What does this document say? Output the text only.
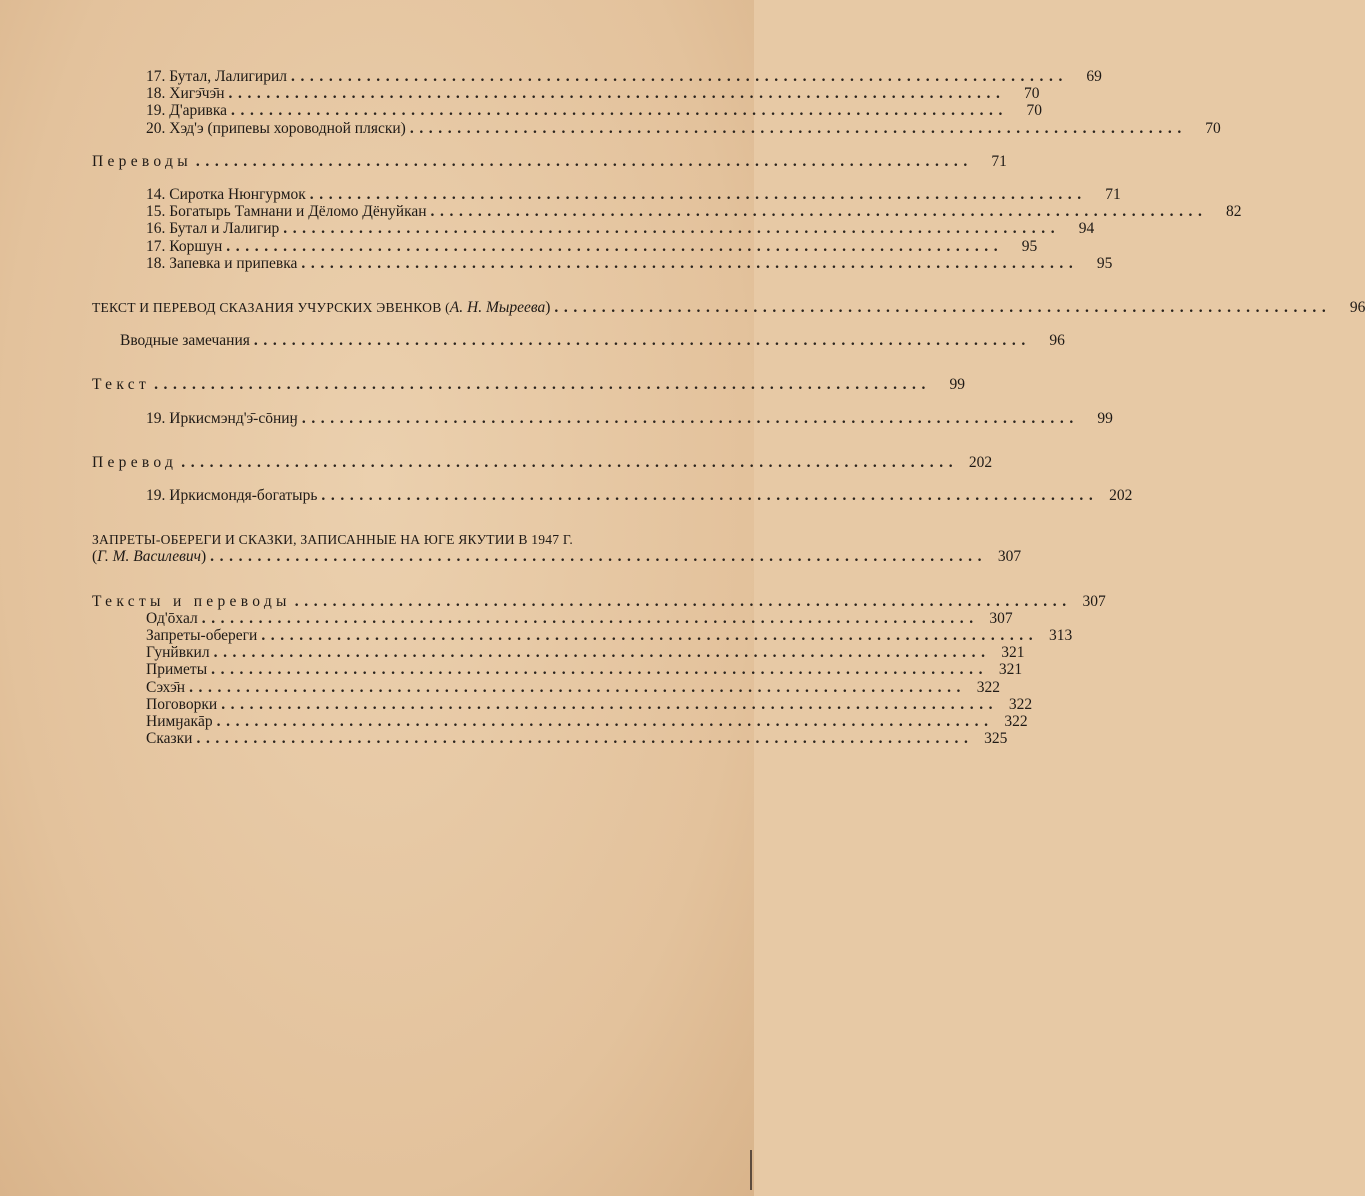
17. Бутал, Лалигирил ..................................................................................	69
18. Хигэ̄чэ̄н ..................................................................................	70
19. Д'аривка ..................................................................................	70
20. Хэд'э (припевы хороводной пляски) ..................................................................................	70
Переводы ..................................................................................	71
14. Сиротка Нюнгурмок ..................................................................................	71
15. Богатырь Тамнани и Дёломо Дёнуйкан ..................................................................................	82
16. Бутал и Лалигир ..................................................................................	94
17. Коршун ..................................................................................	95
18. Запевка и припевка ..................................................................................	95
ТЕКСТ И ПЕРЕВОД СКАЗАНИЯ УЧУРСКИХ ЭВЕНКОВ (А. Н. Мыреева) ..................................................................................	96
Вводные замечания ..................................................................................	96
Текст ..................................................................................	99
19. Иркисмэнд'э̄-сōниӈ ..................................................................................	99
Перевод .................................................................................. 202
19. Иркисмондя-богатырь .................................................................................. 202
ЗАПРЕТЫ-ОБЕРЕГИ И СКАЗКИ, ЗАПИСАННЫЕ НА ЮГЕ ЯКУТИИ В 1947 Г.
(Г. М. Василевич) .................................................................................. 307
Тексты и переводы .................................................................................. 307
Од'ōхал .................................................................................. 307
Запреты-обереги .................................................................................. 313
Гунйвкил .................................................................................. 321
Приметы .................................................................................. 321
Сэхэ̄н .................................................................................. 322
Поговорки .................................................................................. 322
Нимӈакāр .................................................................................. 322
Сказки .................................................................................. 325
